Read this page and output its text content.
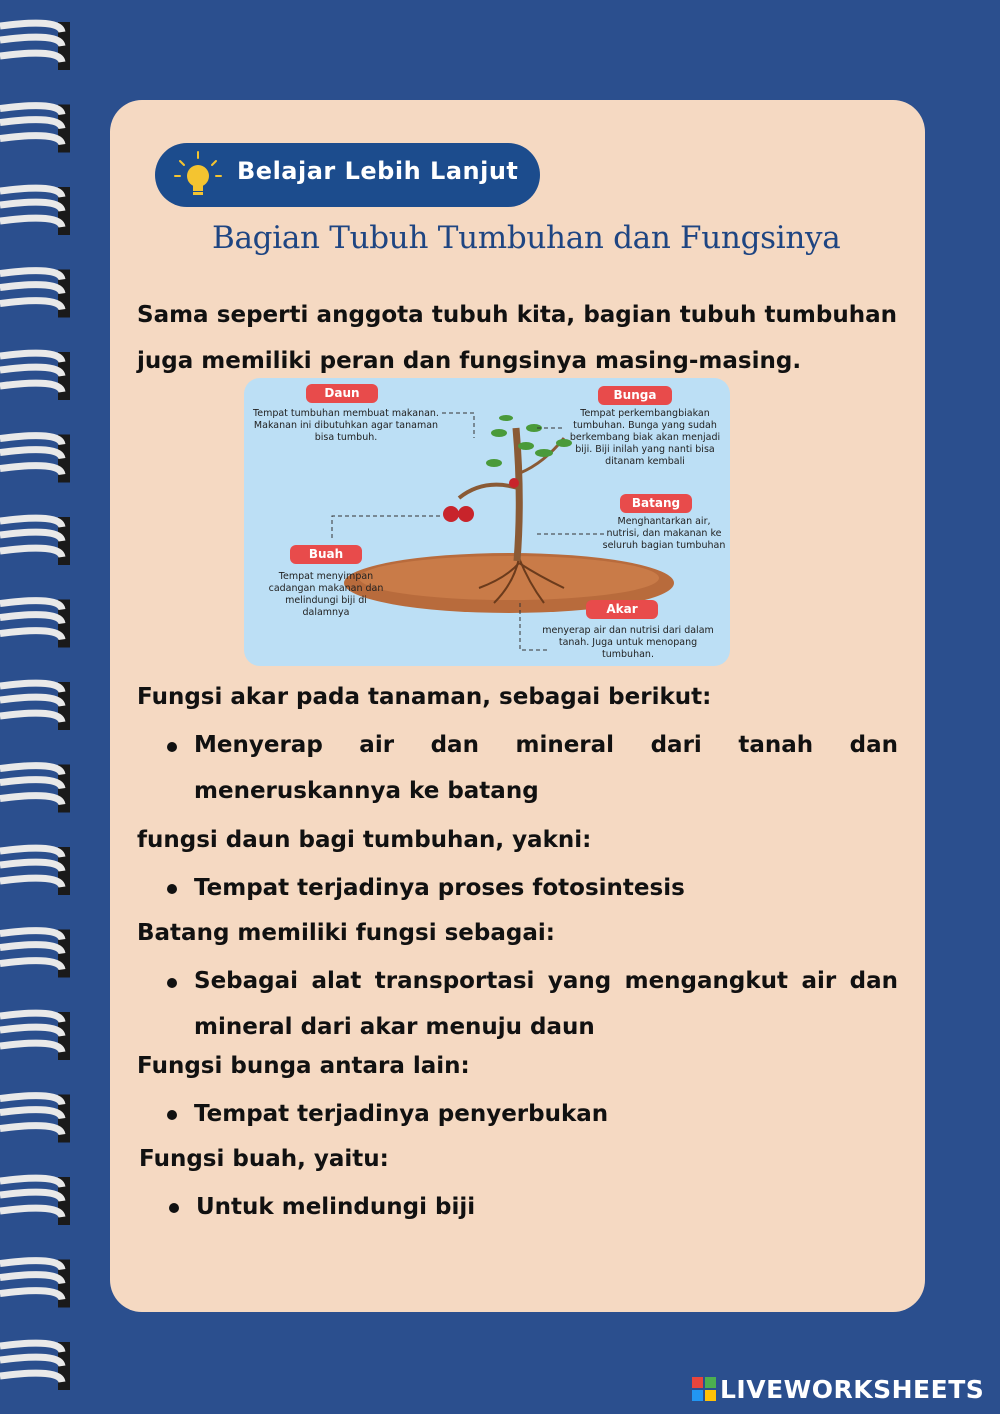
Belajar Lebih Lanjut
Bagian Tubuh Tumbuhan dan Fungsinya
Sama seperti anggota tubuh kita, bagian tubuh tumbuhan juga memiliki peran dan fungsinya masing-masing.
Daun
Tempat tumbuhan membuat makanan. Makanan ini dibutuhkan agar tanaman bisa tumbuh.
Bunga
Tempat perkembangbiakan tumbuhan. Bunga yang sudah berkembang biak akan menjadi biji. Biji inilah yang nanti bisa ditanam kembali
Batang
Menghantarkan air, nutrisi, dan makanan ke seluruh bagian tumbuhan
Buah
Tempat menyimpan cadangan makanan dan melindungi biji di dalamnya	Akar
menyerap air dan nutrisi dari dalam tanah. Juga untuk menopang tumbuhan.
Fungsi akar pada tanaman, sebagai berikut:
Menyerap air dan mineral dari tanah dan meneruskannya ke batang
fungsi daun bagi tumbuhan, yakni:
Tempat terjadinya proses fotosintesis
Batang memiliki fungsi sebagai:
Sebagai alat transportasi yang mengangkut air dan mineral dari akar menuju daun
Fungsi bunga antara lain:
Tempat terjadinya penyerbukan
Fungsi buah, yaitu:
Untuk melindungi biji
LIVEWORKSHEETS
